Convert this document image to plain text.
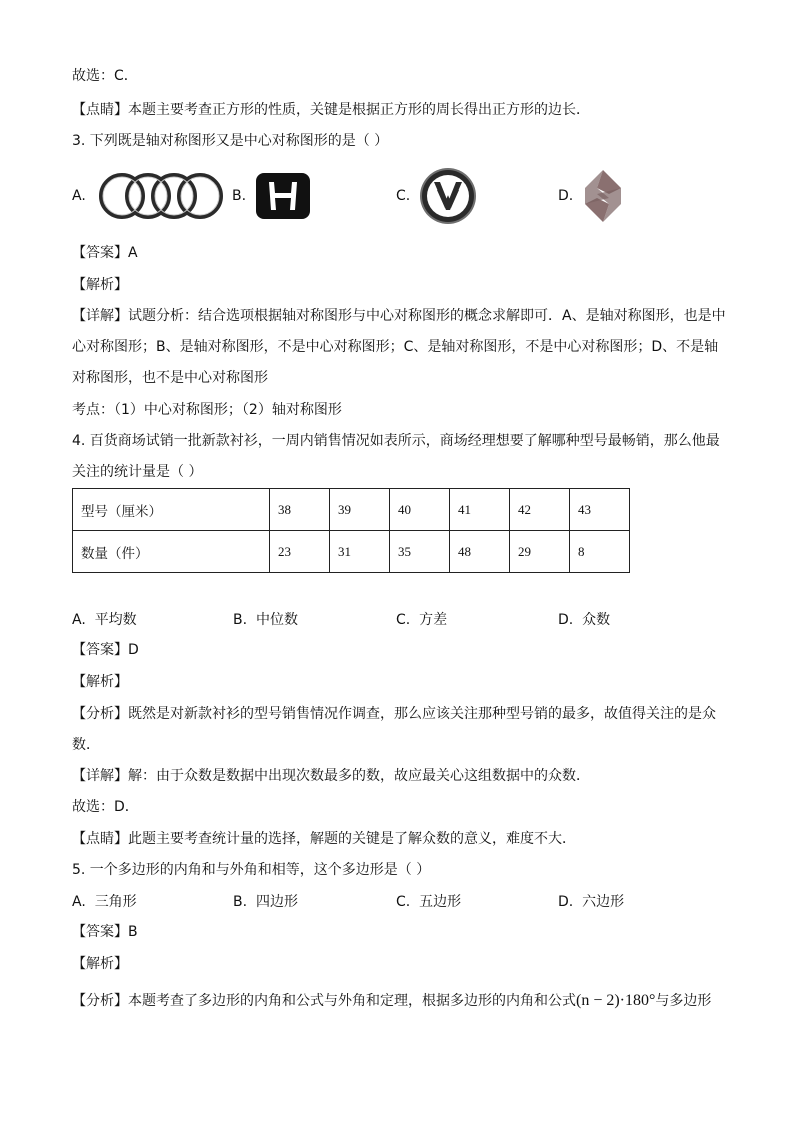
故选：C．
【点睛】本题主要考查正方形的性质，关键是根据正方形的周长得出正方形的边长．
3. 下列既是轴对称图形又是中心对称图形的是（ ）
A.	B.	C.	D.
【答案】A
【解析】
【详解】试题分析：结合选项根据轴对称图形与中心对称图形的概念求解即可．A、是轴对称图形，也是中
心对称图形；B、是轴对称图形，不是中心对称图形；C、是轴对称图形，不是中心对称图形；D、不是轴
对称图形，也不是中心对称图形
考点：（1）中心对称图形；（2）轴对称图形
4. 百货商场试销一批新款衬衫，一周内销售情况如表所示，商场经理想要了解哪种型号最畅销，那么他最
关注的统计量是（ ）
型号（厘米）	38	39	40	41	42	43
数量（件）	23	31	35	48	29	8
A. 平均数	B. 中位数	C. 方差	D. 众数
【答案】D
【解析】
【分析】既然是对新款衬衫的型号销售情况作调查，那么应该关注那种型号销的最多，故值得关注的是众
数．
【详解】解：由于众数是数据中出现次数最多的数，故应最关心这组数据中的众数．
故选：D．
【点睛】此题主要考查统计量的选择，解题的关键是了解众数的意义，难度不大．
5. 一个多边形的内角和与外角和相等，这个多边形是（ ）
A. 三角形	B. 四边形	C. 五边形	D. 六边形
【答案】B
【解析】
【分析】本题考查了多边形的内角和公式与外角和定理，根据多边形的内角和公式(n − 2)·180°与多边形
